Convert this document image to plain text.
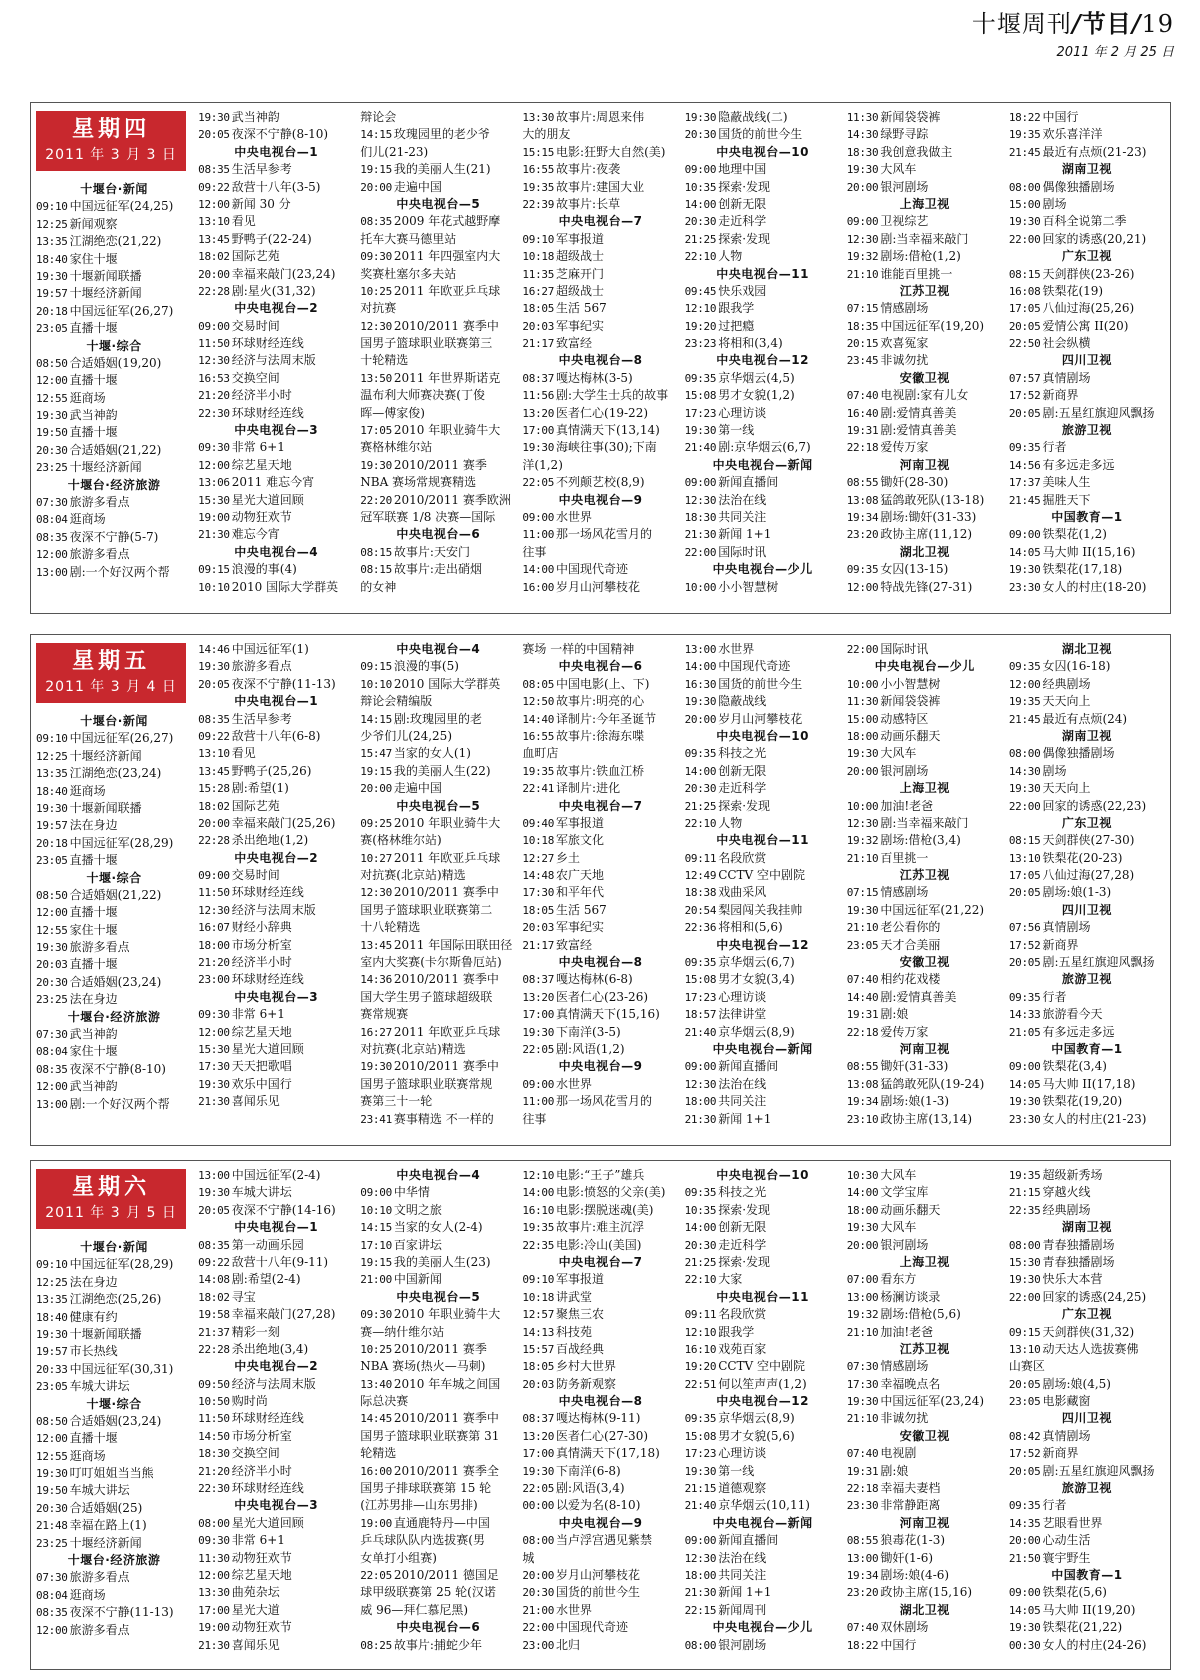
十堰周刊/节目/19
2011 年 2 月 25 日
星期四
2011 年 3 月 3 日
十堰台·新闻
09:10 中国远征军(24,25)
12:25 新闻观察
13:35 江湖绝恋(21,22)
18:40 家住十堰
19:30 十堰新闻联播
19:57 十堰经济新闻
20:18 中国远征军(26,27)
23:05 直播十堰
十堰·综合
08:50 合适婚姻(19,20)
12:00 直播十堰
12:55 逛商场
19:30 武当神韵
19:50 直播十堰
20:30 合适婚姻(21,22)
23:25 十堰经济新闻
十堰台·经济旅游
07:30 旅游多看点
08:04 逛商场
08:35 夜深不宁静(5-7)
12:00 旅游多看点
13:00 剧:一个好汉两个帮
19:30 武当神韵
20:05 夜深不宁静(8-10)
中央电视台—1
08:35 生活早参考
09:22 敌营十八年(3-5)
12:00 新闻 30 分
13:10 看见
13:45 野鸭子(22-24)
18:02 国际艺苑
20:00 幸福来敲门(23,24)
22:28 剧:星火(31,32)
中央电视台—2
09:00 交易时间
11:50 环球财经连线
12:30 经济与法周末版
16:53 交换空间
21:20 经济半小时
22:30 环球财经连线
中央电视台—3
09:30 非常 6+1
12:00 综艺星天地
13:06 2011 难忘今宵
15:30 星光大道回顾
19:00 动物狂欢节
21:30 难忘今宵
中央电视台—4
09:15 浪漫的事(4)
10:10 2010 国际大学群英
辩论会
14:15 玫瑰园里的老少爷
们儿(21-23)
19:15 我的美丽人生(21)
20:00 走遍中国
中央电视台—5
08:35 2009 年花式越野摩
托车大赛马德里站
09:30 2011 年四强室内大
奖赛杜塞尔多夫站
10:25 2011 年欧亚乒乓球
对抗赛
12:30 2010/2011 赛季中
国男子篮球职业联赛第三
十轮精选
13:50 2011 年世界斯诺克
温布利大师赛决赛(丁俊
晖—傅家俊)
17:05 2010 年职业骑牛大
赛格林维尔站
19:30 2010/2011 赛季
NBA 赛场常规赛精选
22:20 2010/2011 赛季欧洲
冠军联赛 1/8 决赛—国际
中央电视台—6
08:15 故事片:天安门
08:15 故事片:走出硝烟
的女神
13:30 故事片:周恩来伟
大的朋友
15:15 电影:狂野大自然(美)
16:55 故事片:夜袭
19:35 故事片:建国大业
22:39 故事片:长草
中央电视台—7
09:10 军事报道
10:18 超级战士
11:35 芝麻开门
16:27 超级战士
18:05 生活 567
20:03 军事纪实
21:17 致富经
中央电视台—8
08:37 嘎达梅林(3-5)
11:56 剧:大学生士兵的故事
13:20 医者仁心(19-22)
17:00 真情满天下(13,14)
19:30 海峡往事(30);下南
洋(1,2)
22:05 不列颠艺校(8,9)
中央电视台—9
09:00 水世界
11:00 那一场风花雪月的
往事
14:00 中国现代奇迹
16:00 岁月山河攀枝花
19:30 隐蔽战线(二)
20:30 国货的前世今生
中央电视台—10
09:00 地理中国
10:35 探索·发现
14:00 创新无限
20:30 走近科学
21:25 探索·发现
22:10 人物
中央电视台—11
09:45 快乐戏园
12:10 跟我学
19:20 过把瘾
23:23 将相和(3,4)
中央电视台—12
09:35 京华烟云(4,5)
15:08 男才女貌(1,2)
17:23 心理访谈
19:30 第一线
21:40 剧:京华烟云(6,7)
中央电视台—新闻
09:00 新闻直播间
12:30 法治在线
18:30 共同关注
21:30 新闻 1+1
22:00 国际时讯
中央电视台—少儿
10:00 小小智慧树
11:30 新闻袋袋裤
14:30 绿野寻踪
18:30 我创意我做主
19:30 大风车
20:00 银河剧场
上海卫视
09:00 卫视综艺
12:30 剧:当幸福来敲门
19:32 剧场:借枪(1,2)
21:10 谁能百里挑一
江苏卫视
07:15 情感剧场
18:35 中国远征军(19,20)
20:15 欢喜冤家
23:45 非诚勿扰
安徽卫视
07:40 电视剧:家有儿女
16:40 剧:爱情真善美
19:31 剧:爱情真善美
22:18 爱传万家
河南卫视
08:55 锄奸(28-30)
13:08 猛鸽敢死队(13-18)
19:34 剧场:锄奸(31-33)
23:20 政协主席(11,12)
湖北卫视
09:35 女囚(13-15)
12:00 特战先锋(27-31)
18:22 中国行
19:35 欢乐喜洋洋
21:45 最近有点烦(21-23)
湖南卫视
08:00 偶像独播剧场
15:00 剧场
19:30 百科全说第二季
22:00 回家的诱惑(20,21)
广东卫视
08:15 天剑群侠(23-26)
16:08 铁梨花(19)
17:05 八仙过海(25,26)
20:05 爱情公寓 II(20)
22:50 社会纵横
四川卫视
07:57 真情剧场
17:52 新商界
20:05 剧:五星红旗迎风飘扬
旅游卫视
09:35 行者
14:56 有多远走多远
17:37 美味人生
21:45 掘胜天下
中国教育—1
09:00 铁梨花(1,2)
14:05 马大帅 II(15,16)
19:30 铁梨花(17,18)
23:30 女人的村庄(18-20)
星期五
2011 年 3 月 4 日
十堰台·新闻
09:10 中国远征军(26,27)
12:25 十堰经济新闻
13:35 江湖绝恋(23,24)
18:40 逛商场
19:30 十堰新闻联播
19:57 法在身边
20:18 中国远征军(28,29)
23:05 直播十堰
十堰·综合
08:50 合适婚姻(21,22)
12:00 直播十堰
12:55 家住十堰
19:30 旅游多看点
20:03 直播十堰
20:30 合适婚姻(23,24)
23:25 法在身边
十堰台·经济旅游
07:30 武当神韵
08:04 家住十堰
08:35 夜深不宁静(8-10)
12:00 武当神韵
13:00 剧:一个好汉两个帮
14:46 中国远征军(1)
19:30 旅游多看点
20:05 夜深不宁静(11-13)
中央电视台—1
08:35 生活早参考
09:22 敌营十八年(6-8)
13:10 看见
13:45 野鸭子(25,26)
15:28 剧:希望(1)
18:02 国际艺苑
20:00 幸福来敲门(25,26)
22:28 杀出绝地(1,2)
中央电视台—2
09:00 交易时间
11:50 环球财经连线
12:30 经济与法周末版
16:07 财经小辞典
18:00 市场分析室
21:20 经济半小时
23:00 环球财经连线
中央电视台—3
09:30 非常 6+1
12:00 综艺星天地
15:30 星光大道回顾
17:30 天天把歌唱
19:30 欢乐中国行
21:30 喜闻乐见
中央电视台—4
09:15 浪漫的事(5)
10:10 2010 国际大学群英
辩论会精编版
14:15 剧:玫瑰园里的老
少爷们儿(24,25)
15:47 当家的女人(1)
19:15 我的美丽人生(22)
20:00 走遍中国
中央电视台—5
09:25 2010 年职业骑牛大
赛(格林维尔站)
10:27 2011 年欧亚乒乓球
对抗赛(北京站)精选
12:30 2010/2011 赛季中
国男子篮球职业联赛第二
十八轮精选
13:45 2011 年国际田联田径
室内大奖赛(卡尔斯鲁厄站)
14:36 2010/2011 赛季中
国大学生男子篮球超级联
赛常规赛
16:27 2011 年欧亚乒乓球
对抗赛(北京站)精选
19:30 2010/2011 赛季中
国男子篮球职业联赛常规
赛第三十一轮
23:41 赛事精选 不一样的
赛场 一样的中国精神
中央电视台—6
08:05 中国电影(上、下)
12:50 故事片:明亮的心
14:40 译制片:今年圣诞节
16:55 故事片:徐海东喋
血町店
19:35 故事片:铁血江桥
22:41 译制片:进化
中央电视台—7
09:40 军事报道
10:18 军旅文化
12:27 乡土
14:48 农广天地
17:30 和平年代
18:05 生活 567
20:03 军事纪实
21:17 致富经
中央电视台—8
08:37 嘎达梅林(6-8)
13:20 医者仁心(23-26)
17:00 真情满天下(15,16)
19:30 下南洋(3-5)
22:05 剧:风语(1,2)
中央电视台—9
09:00 水世界
11:00 那一场风花雪月的
往事
13:00 水世界
14:00 中国现代奇迹
16:30 国货的前世今生
19:30 隐蔽战线
20:00 岁月山河攀枝花
中央电视台—10
09:35 科技之光
14:00 创新无限
20:30 走近科学
21:25 探索·发现
22:10 人物
中央电视台—11
09:11 名段欣赏
12:49 CCTV 空中剧院
18:38 戏曲采风
20:54 梨园闯关我挂帅
22:36 将相和(5,6)
中央电视台—12
09:35 京华烟云(6,7)
15:08 男才女貌(3,4)
17:23 心理访谈
18:57 法律讲堂
21:40 京华烟云(8,9)
中央电视台—新闻
09:00 新闻直播间
12:30 法治在线
18:00 共同关注
21:30 新闻 1+1
22:00 国际时讯
中央电视台—少儿
10:00 小小智慧树
11:30 新闻袋袋裤
15:00 动感特区
18:00 动画乐翻天
19:30 大风车
20:00 银河剧场
上海卫视
10:00 加油!老爸
12:30 剧:当幸福来敲门
19:32 剧场:借枪(3,4)
21:10 百里挑一
江苏卫视
07:15 情感剧场
19:30 中国远征军(21,22)
21:10 老公看你的
23:05 天才合美丽
安徽卫视
07:40 相约花戏楼
14:40 剧:爱情真善美
19:31 剧:娘
22:18 爱传万家
河南卫视
08:55 锄奸(31-33)
13:08 猛鸽敢死队(19-24)
19:34 剧场:娘(1-3)
23:10 政协主席(13,14)
湖北卫视
09:35 女囚(16-18)
12:00 经典剧场
19:35 天天向上
21:45 最近有点烦(24)
湖南卫视
08:00 偶像独播剧场
14:30 剧场
19:30 天天向上
22:00 回家的诱惑(22,23)
广东卫视
08:15 天剑群侠(27-30)
13:10 铁梨花(20-23)
17:05 八仙过海(27,28)
20:05 剧场:娘(1-3)
四川卫视
07:56 真情剧场
17:52 新商界
20:05 剧:五星红旗迎风飘扬
旅游卫视
09:35 行者
14:33 旅游看今天
21:05 有多远走多远
中国教育—1
09:00 铁梨花(3,4)
14:05 马大帅 II(17,18)
19:30 铁梨花(19,20)
23:30 女人的村庄(21-23)
星期六
2011 年 3 月 5 日
十堰台·新闻
09:10 中国远征军(28,29)
12:25 法在身边
13:35 江湖绝恋(25,26)
18:40 健康有约
19:30 十堰新闻联播
19:57 市长热线
20:33 中国远征军(30,31)
23:05 车城大讲坛
十堰·综合
08:50 合适婚姻(23,24)
12:00 直播十堰
12:55 逛商场
19:30 叮叮姐姐当当熊
19:50 车城大讲坛
20:30 合适婚姻(25)
21:48 幸福在路上(1)
23:25 十堰经济新闻
十堰台·经济旅游
07:30 旅游多看点
08:04 逛商场
08:35 夜深不宁静(11-13)
12:00 旅游多看点
13:00 中国远征军(2-4)
19:30 车城大讲坛
20:05 夜深不宁静(14-16)
中央电视台—1
08:35 第一动画乐园
09:22 敌营十八年(9-11)
14:08 剧:希望(2-4)
18:02 寻宝
19:58 幸福来敲门(27,28)
21:37 精彩一刻
22:28 杀出绝地(3,4)
中央电视台—2
09:50 经济与法周末版
10:50 购时尚
11:50 环球财经连线
14:50 市场分析室
18:30 交换空间
21:20 经济半小时
22:30 环球财经连线
中央电视台—3
08:00 星光大道回顾
09:30 非常 6+1
11:30 动物狂欢节
12:00 综艺星天地
13:30 曲苑杂坛
17:00 星光大道
19:00 动物狂欢节
21:30 喜闻乐见
中央电视台—4
09:00 中华情
10:10 文明之旅
14:15 当家的女人(2-4)
17:10 百家讲坛
19:15 我的美丽人生(23)
21:00 中国新闻
中央电视台—5
09:30 2010 年职业骑牛大
赛—纳什维尔站
10:25 2010/2011 赛季
NBA 赛场(热火—马刺)
13:40 2010 年车城之间国
际总决赛
14:45 2010/2011 赛季中
国男子篮球职业联赛第 31
轮精选
16:00 2010/2011 赛季全
国男子排球联赛第 15 轮
(江苏男排—山东男排)
19:00 直通鹿特丹—中国
乒乓球队队内选拔赛(男
女单打小组赛)
22:05 2010/2011 德国足
球甲级联赛第 25 轮(汉诺
威 96—拜仁慕尼黑)
中央电视台—6
08:25 故事片:捕蛇少年
12:10 电影:“王子”雄兵
14:00 电影:愤怒的父亲(美)
16:10 电影:摆脱迷魂(美)
19:35 故事片:难主沉浮
22:35 电影:冷山(美国)
中央电视台—7
09:10 军事报道
10:18 讲武堂
12:57 聚焦三农
14:13 科技苑
15:57 百战经典
18:05 乡村大世界
20:03 防务新观察
中央电视台—8
08:37 嘎达梅林(9-11)
13:20 医者仁心(27-30)
17:00 真情满天下(17,18)
19:30 下南洋(6-8)
22:05 剧:风语(3,4)
00:00 以爱为名(8-10)
中央电视台—9
08:00 当卢浮宫遇见紫禁
城
20:00 岁月山河攀枝花
20:30 国货的前世今生
21:00 水世界
22:00 中国现代奇迹
23:00 北归
中央电视台—10
09:35 科技之光
10:35 探索·发现
14:00 创新无限
20:30 走近科学
21:25 探索·发现
22:10 大家
中央电视台—11
09:11 名段欣赏
12:10 跟我学
16:10 戏苑百家
19:20 CCTV 空中剧院
22:51 何以笙声声(1,2)
中央电视台—12
09:35 京华烟云(8,9)
15:08 男才女貌(5,6)
17:23 心理访谈
19:30 第一线
21:15 道德观察
21:40 京华烟云(10,11)
中央电视台—新闻
09:00 新闻直播间
12:30 法治在线
18:00 共同关注
21:30 新闻 1+1
22:15 新闻周刊
中央电视台—少儿
08:00 银河剧场
10:30 大风车
14:00 文学宝库
18:00 动画乐翻天
19:30 大风车
20:00 银河剧场
上海卫视
07:00 看东方
13:00 杨澜访谈录
19:32 剧场:借枪(5,6)
21:10 加油!老爸
江苏卫视
07:30 情感剧场
17:30 幸福晚点名
19:30 中国远征军(23,24)
21:10 非诚勿扰
安徽卫视
07:40 电视剧
19:31 剧:娘
22:18 幸福夫妻档
23:30 非常静距离
河南卫视
08:55 狼毒花(1-3)
13:00 锄奸(1-6)
19:34 剧场:娘(4-6)
23:20 政协主席(15,16)
湖北卫视
07:40 双休剧场
18:22 中国行
19:35 超级新秀场
21:15 穿越火线
22:35 经典剧场
湖南卫视
08:00 青春独播剧场
15:30 青春独播剧场
19:30 快乐大本营
22:00 回家的诱惑(24,25)
广东卫视
09:15 天剑群侠(31,32)
13:10 动天达人选拔赛佛
山赛区
20:05 剧场:娘(4,5)
23:05 电影藏窗
四川卫视
08:42 真情剧场
17:52 新商界
20:05 剧:五星红旗迎风飘扬
旅游卫视
09:35 行者
14:35 艺眼看世界
20:00 心动生活
21:50 寰宇野生
中国教育—1
09:00 铁梨花(5,6)
14:05 马大帅 II(19,20)
19:30 铁梨花(21,22)
00:30 女人的村庄(24-26)
